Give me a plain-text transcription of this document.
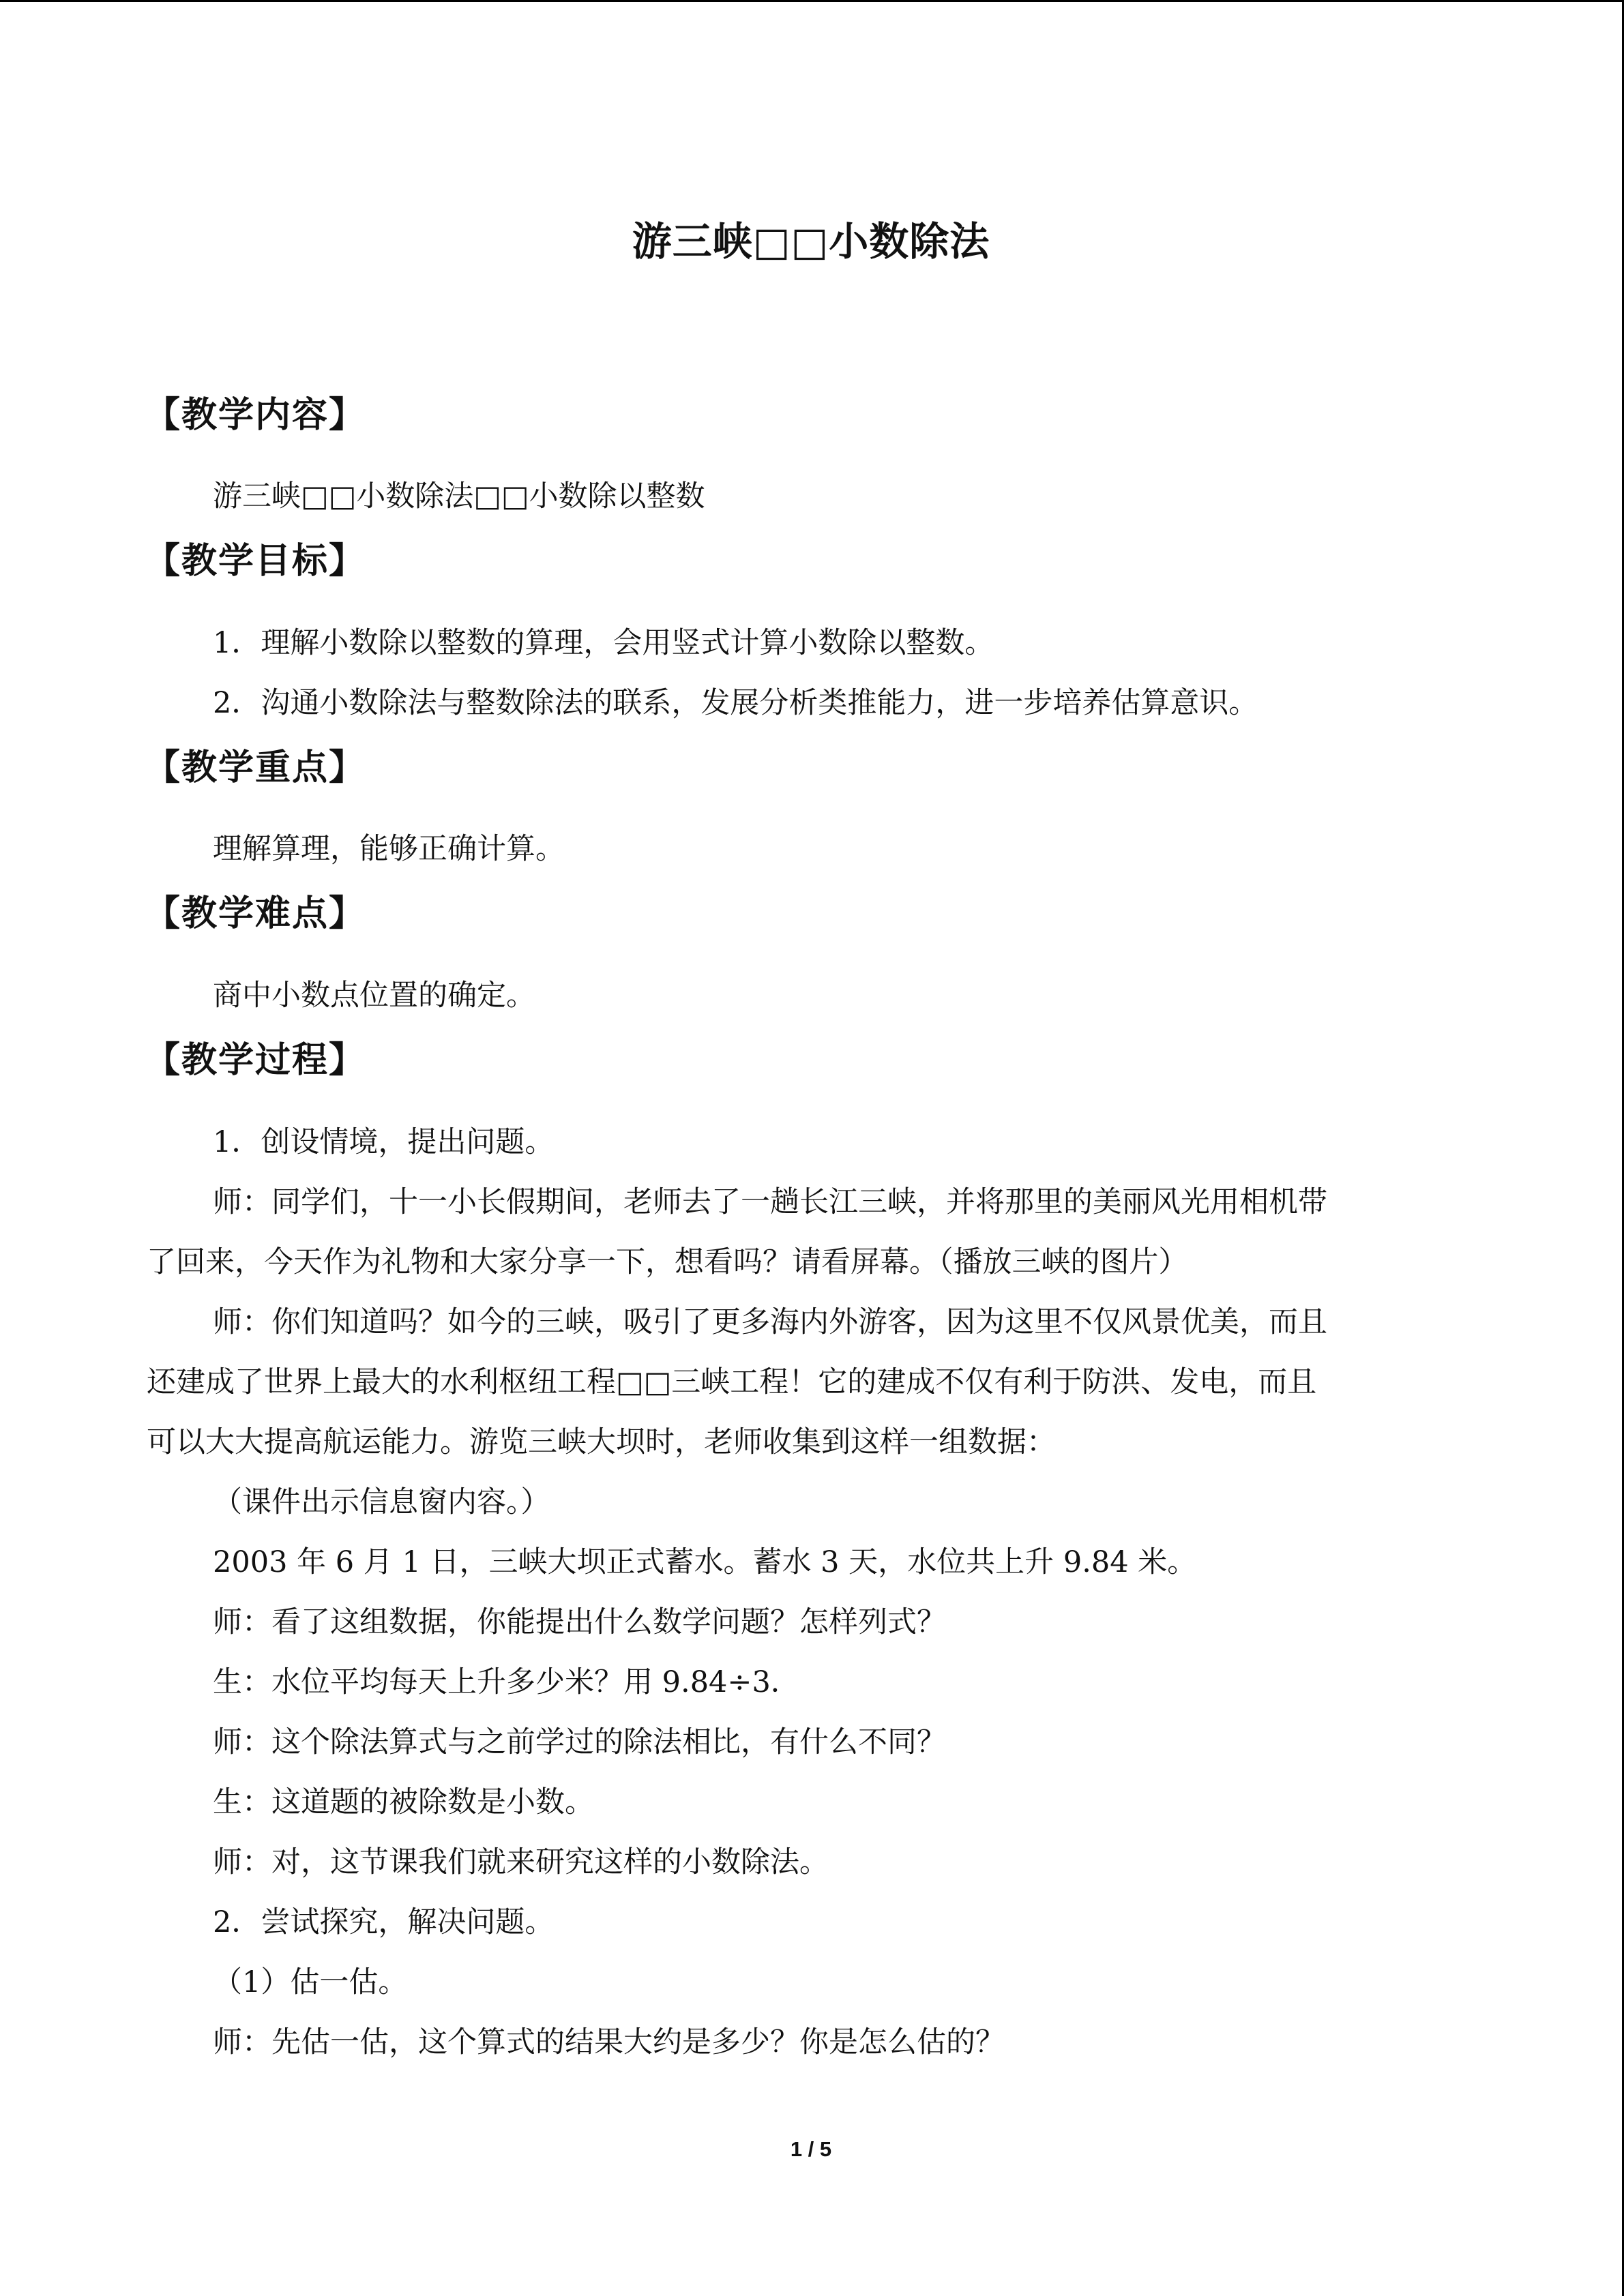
游三峡□□小数除法
【教学内容】
游三峡□□小数除法□□小数除以整数
【教学目标】
1．理解小数除以整数的算理，会用竖式计算小数除以整数。
2．沟通小数除法与整数除法的联系，发展分析类推能力，进一步培养估算意识。
【教学重点】
理解算理，能够正确计算。
【教学难点】
商中小数点位置的确定。
【教学过程】
1．创设情境，提出问题。
师：同学们，十一小长假期间，老师去了一趟长江三峡，并将那里的美丽风光用相机带
了回来，今天作为礼物和大家分享一下，想看吗？请看屏幕。（播放三峡的图片）
师：你们知道吗？如今的三峡，吸引了更多海内外游客，因为这里不仅风景优美，而且
还建成了世界上最大的水利枢纽工程□□三峡工程！它的建成不仅有利于防洪、发电，而且
可以大大提高航运能力。游览三峡大坝时，老师收集到这样一组数据：
（课件出示信息窗内容。）
2003 年 6 月 1 日，三峡大坝正式蓄水。蓄水 3 天，水位共上升 9.84 米。
师：看了这组数据，你能提出什么数学问题？怎样列式？
生：水位平均每天上升多少米？用 9.84÷3．
师：这个除法算式与之前学过的除法相比，有什么不同？
生：这道题的被除数是小数。
师：对，这节课我们就来研究这样的小数除法。
2．尝试探究，解决问题。
（1）估一估。
师：先估一估，这个算式的结果大约是多少？你是怎么估的？
1 / 5
